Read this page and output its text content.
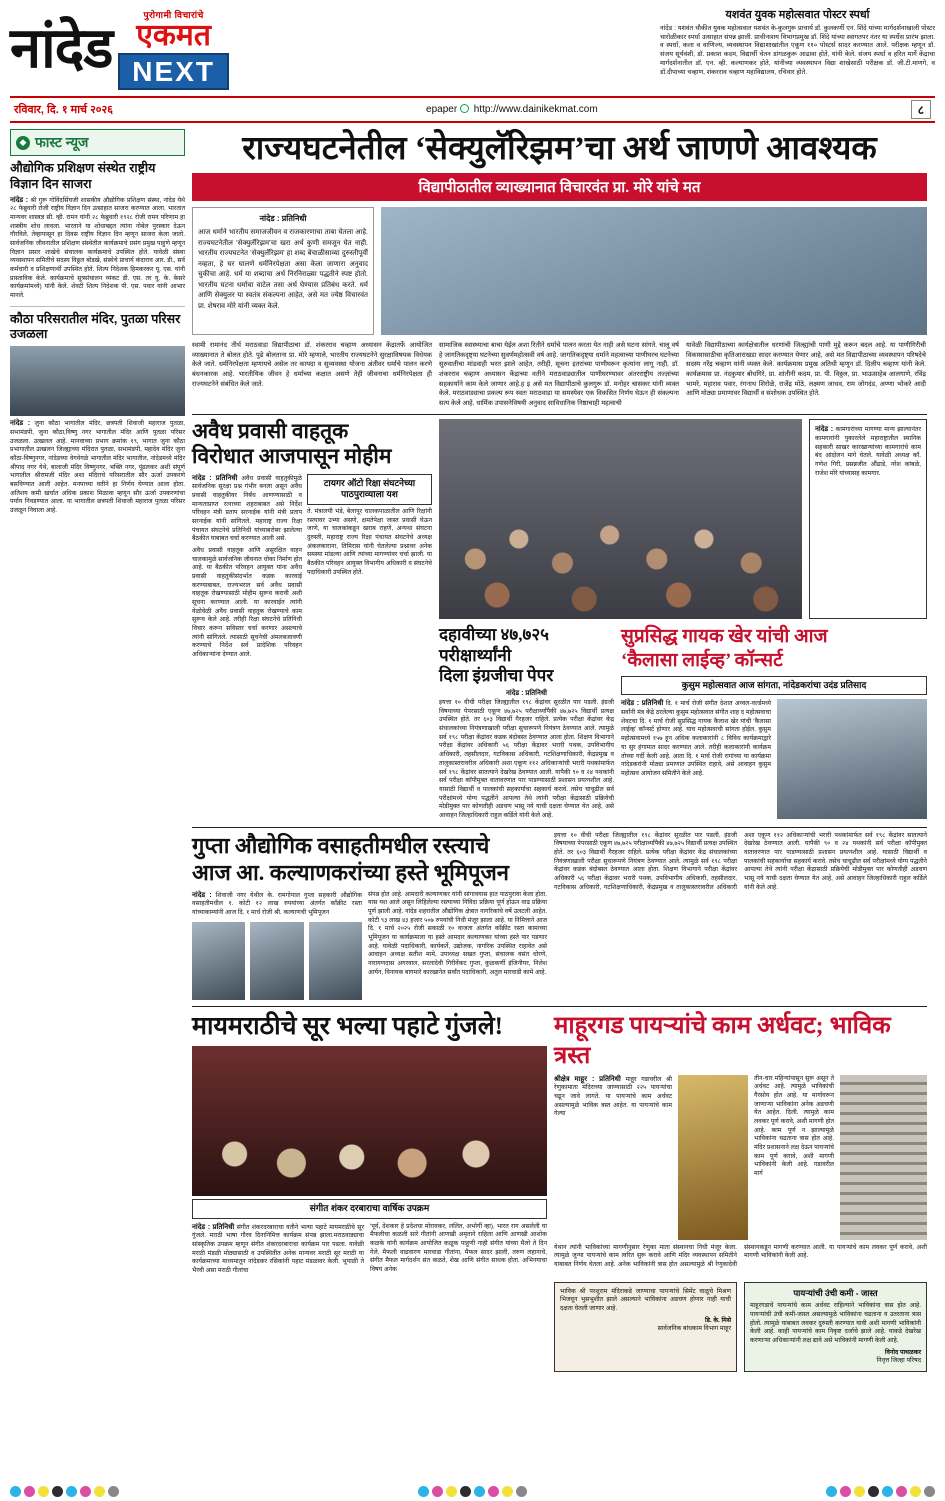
नांदेड
पुरोगामी विचारांचे
एकमत
NEXT
यशवंत युवक महोत्सवात पोस्टर स्पर्धा
नांदेड : यशवंत चौकीत युवक महोत्सवात यशवंत के-कुलगुरू प्राचार्य डॉ. कुलकर्णी एन. शिंदे यांच्या मार्गदर्शनाखाली पोस्टर चारोळीकार स्पर्धा उत्साहात संपन्न झाली. प्राचीनाशय विभागप्रमुख डॉ. शिंदे यांच्या स्वागतपर नंतर या स्पर्धेस प्रारंभ झाला. व स्पर्धा, कला व वाणिज्य, व्यवस्थापन विद्याशाखांतील एकूण ११० पोस्टर्स सादर करण्यात आले. परीक्षक म्हणून डॉ. संजय सूर्यवंशी, डॉ. प्रकाश कदम, विद्यार्थी चेतन डांगळकुरू आढावा होते, यांनी केले. संजय स्पर्धा व हरित मार्गे केंद्राचा मार्गदर्शनातील डॉ. एन. व्ही. कल्याणकर होते, यांनीच्या व्यवस्थापन विद्या शाखेसाठी परीक्षक डॉ. जी.टी.माणगे, व डॉ.दीपाच्या चव्हाण, शंकरराव चव्हाण महाविद्यालय, रचिवार होते.
रविवार, दि. १ मार्च २०२६	epaper http://www.dainikekmat.com	८
◆ फास्ट न्यूज
औद्योगिक प्रशिक्षण संस्थेत राष्ट्रीय विज्ञान दिन साजरा
नांदेड : श्री गुरू गोविंदसिंघजी शासकीय औद्योगिक प्रशिक्षण संस्था, नांदेड येथे २८ फेब्रुवारी रोजी राष्ट्रीय विज्ञान दिन उत्साहात साजरा करण्यात आला. भारतात मान्यवर शास्त्रज्ञ सी. व्ही. रामन यांनी २८ फेब्रुवारी १९२८ रोजी रामन परिणाम हा शास्त्रीय शोध लावला. भारताने या शोधाबद्दल त्यांना नोबेल पुरस्कार देऊन गौरविले. तेव्हापासून हा दिवस राष्ट्रीय विज्ञान दिन म्हणून साजरा केला जातो. सार्वजनिक जीवनातील प्रशिक्षण संस्थेतील कार्यक्रमाचे प्रसंग प्रमुख पाहुणे म्हणून विज्ञान प्रसार शाखेचे संचालक कार्यक्रमाचे उपस्थित होते. यावेळी संस्था व्यवस्थापन समितीचे सदस्य विठ्ठल बोडखे, संस्थेचे प्राचार्य कंदाराव आर. डी., सर्व कर्मचारी व प्रशिक्षणार्थी उपस्थित होते. शिल्प निदेशक हिमकरकर यू. एस. यांनी प्रास्ताविक केले. कार्यक्रमाचे सूत्रसंचालन व्यंकट डी. एस. तर यू. के. केसरे कार्यक्रमांमध्ये) यांनी केले. शेवटी शिल्प निदेशक पी. एस. पवार यांनी आभार मानले.
कौठा परिसरातील मंदिर, पुतळा परिसर उजळला
नांदेड : जुना कौठा भागातील मंदिर, छत्रपती शिवाजी महाराज पुतळा, सभामंडपी, जुना कौठा,विष्णु नगर भागातील मंदिर आणि पुतळा परिसर उजळला. उत्खलल आहे. मानवाच्या प्रभाग क्रमांक १९, भागात जुना कौठा प्रभागातील उत्खलन जिल्ह्याच्या मंदिरात पुतळा, सभामंडपी, महादेव मंदिर जुना कौठा-विष्णुनगर, नांदेडच्या वेगवेगळे भागातील मंदिर भागातील, नांदेडमध्ये मंदिर श्रीपाद नगर येथे, बालाजी मंदिर विष्णुनगर, भक्ति नगर, पूंढलकर अशी संपूर्ण भागातील श्रीरामजी मंदिर अशा मंदिराचे परिसरातील सौर ऊर्जा उपकरणे बसविण्यात आली आहेत. मनपाच्या वतीने हा निर्णय घेण्यात आला होता. अतिशय कमी खर्चात अधिक प्रकाश मिळावा म्हणून सौर ऊर्जा उपकरणांचा पर्याय निवडण्यात आला. या भागातील छत्रपती शिवाजी महाराज पुतळा परिसर उजळून निघाला आहे.
राज्यघटनेतील ‘सेक्युलॅरिझम’चा अर्थ जाणणे आवश्यक
विद्यापीठातील व्याख्यानात विचारवंत प्रा. मोरे यांचे मत
नांदेड : प्रतिनिधी
आज धर्माने भारतीय समाजजीवन व राजकारणाचा ताबा घेतला आहे. राज्यघटनेतील ‘सेक्युलॅरिझम’चा खरा अर्थ कुणी समजून घेत नाही. भारतीय राज्यघटनेत ‘सेक्युलॅरिझम’ हा शब्द बेचाळीसाव्या दुरुस्तीपूर्वी नव्हता, हे घर घालणे धर्मनिरपेक्षता असा केला जाणारा अनुवाद चुकीचा आहे. धर्म या शब्दाचा अर्थ निरनिराळ्या पद्धतीने स्पष्ट होतो. भारतीय घटना धर्माचा वाटेल तसा अर्थ घेण्यास प्रतिबंध करते. धर्म आणि सेक्युलर या स्वतंत्र संकल्पना आहेत, असे मत ज्येष्ठ विचारवंत प्रा. शेषराव मोरे यांनी व्यक्त केले.
स्वामी रामानंद तीर्थ मराठवाडा विद्यापीठाचा डॉ. शंकरराव चव्हाण अध्यासन केंद्रातर्फे आयोजित व्याख्यानात ते बोलत होते. पुढे बोलताना प्रा. मोरे म्हणाले, भारतीय राज्यघटनेने सुरक्षाविषयक विधेयक केले जाते. धर्मनिरपेक्षता म्हणायचे असेल तर कायदा व सुव्यवस्था योजना अंतीवर धर्माचे पालन करणे बंधनकारक आहे. भारतीयिक जीवन हे धर्माच्या कक्षात असणे तेही जीवनाचा धर्मनिरपेक्षता ही राज्यघटनेने संबंधित केले जाते.
सामाजिक स्वास्थ्याचा बाचा येईल अशा रितीने धर्माचे पालन करता येत नाही असे घटना सांगते. चालू वर्ष हे जागतिकदृष्ट्या घटनेच्या सुवर्णमहोत्सवी वर्ष आहे. जागतिकदृष्ट्या धर्माने महत्वाच्या पाणीघरच घटनेच्या सुरुवातीचा मांडवाही भरत झाले आहेत, तरीही, सूचना इतरांच्या पाणीघरून कृत्यांना लागू नाही, डॉ. शंकरराव चव्हाण अध्यासन केंद्राच्या वतीने मराठवाड्यातील पाणीघरण्यावर अंतरराष्ट्रीय तज्ज्ञांच्या सहकार्याने काम केले जाणार आहे.ह इ असे मत विद्यापीठाचे कुलगुरू डॉ. मनोहर चासकर यांनी व्यक्त केले. मराठवाड्याचा प्रकल्प रूप स्वतः मराठवाडा या समस्येवर एक विकसित निर्णय घेऊन ही संकल्पना सत्य केले आहे. धार्मिक उपासनेविषयी अनुवाद साविधानिक निष्ठाचाही महत्वाची
यावेळी विद्यापीठाच्या कार्यक्षेत्रातील धरणांची जिल्ह्यांची पाणी मुद्दे करून बदल आहे. या पाणीगिरीची विकासासाठीचा कृतिआराखडा सादर करण्यात येणार आहे, असे मत विद्यापीठाच्या व्यवस्थापन परिषदेचे सदस्य नरेंद्र चव्हाण यांनी व्यक्त केले. कार्यक्रमास प्रमुख अतिथी म्हणून डॉ. दिलीप चव्हाण यांनी केले. कार्यक्रमास प्रा. नंदकुमार बोधगिरे, प्रा. शांतीनी कदम, प्रा. पी. विठ्ठल, प्रा. भाऊसाहेब आलगाणे, रविंद्र भामरे, महाराव पवार, रंगनाथ शिरोळे, राजेंद्र मोठे, लक्ष्मण जाधव, राम जोगदंड, अण्णा भोकरे आदी आणि मोठ्या प्रमाणावर विद्यार्थी व संशोधक उपस्थित होते.
अवैध प्रवासी वाहतूक
विरोधात आजपासून मोहीम
नांदेड : प्रतिनिधी अवैध प्रवासी वाहतुकीमुळे सार्वजनिक सुरक्षा प्रश्न गंभीर बनला असून अवैध प्रवासी वाहतुकीवर निर्बंध आणण्यासाठी व मान्यताप्राप्त रत्नाच्या शहराबाबत असे निर्देश परिवहन मंत्री प्रताप सरनाईक यांनी मंत्री प्रताप सरनाईक यांनी सांगितले. महाराष्ट्र राज्य रिक्षा पंचायत संघटनेचे प्रतिनिधी यांच्याबरोबर झालेल्या बैठकीत याबाबत चर्चा करण्यात आली असे.
अवैध प्रवासी वाहतूक आणि असुरक्षित वाहन चालकामुळे सार्वजनिक जीवनात धोका निर्माण होत आहे. या बैठकीत परिवहन आयुक्त यांना अवैध प्रवासी वाहतुकीसंदर्भात कडक कारवाई करण्याबाबत, राज्यभरात सर्व अवैध प्रवासी वाहतूक रोखण्यासाठी मोहीम सुरूच करावी अशी सूचना करण्यात आली. या कारवाईत त्यांनी वेळोवेळी अवैध प्रवासी वाहतूक रोखण्याचे काम सुरूच केले आहे. तरीही रिक्षा संघटनेचे प्रतिनिधी विचार करून सविस्तर चर्चा करणार असल्याचे त्यांनी सांगितले. त्यासाठी सूचनेची अंमलबजावणी करण्याचे निर्देश सर्व प्रादेशिक परिवहन अधिकाऱ्यांना देण्यात आले.
टायगर ऑटो रिक्षा संघटनेच्या पाठपुराव्याला यश
ते. मंत्रालयी भंडे, बेलापूर चालकपाळातील आणि रिक्षांनी रस्त्यावर उभ्या असणे, क्षमतेपेक्षा जास्त प्रवासी घेऊन जाणे, या चालकांकडून खराब राहणे, अन्यथा संघटना दुरुस्ती, महाराष्ट्र राज्य रिक्षा पंचायत संघटनेचे अध्यक्ष अंकलकाराना, तिमिरास यांनी घेतलेल्या प्रश्नावर अनेक समस्या मांडल्या आणि त्यांच्या मागण्यांवर चर्चा झाली. या बैठकीत परिवहन आयुक्त विभागीय अधिकारी व संघटनेचे पदाधिकारी उपस्थित होते.
नांदेड : कामगारांच्या मागण्या मान्य झाल्यानंतर कामगारांनी पुकारलेले महाराष्ट्रातील स्थानिक सहकारी साखर कारखान्यांच्या कामगारांचे काम बंद आंदोलन मागे घेतले. यावेळी अध्यक्ष कॉ. गणेश गिरी, प्रसन्नजीत औंढाडे, नरेश कांबळे, राजेश मोरे यांच्यासह कामगार.
दहावीच्या ४७,७२५ परीक्षार्थ्यांनी
दिला इंग्रजीचा पेपर
नांदेड : प्रतिनिधी
इयत्ता १० वीची परीक्षा जिल्ह्यातील १९८ केंद्रांवर सुरळीत पार पडली. इंग्रजी विषयाच्या पेपरसाठी एकूण ४७,७२५ परीक्षार्थ्यांपैकी ४७,७२५ विद्यार्थी प्रत्यक्ष उपस्थित होते. तर ६०३ विद्यार्थी गैरहजर राहिले. प्रत्येक परीक्षा केंद्रांवर केंद्र संचालकांच्या नियंत्रणाखाली परीक्षा सुचारूपणे नियंत्रण ठेवण्यात आले. त्यामुळे सर्व १९८ परीक्षा केंद्रांवर कडक बंदोबस्त ठेवण्यात आला होता. शिक्षण विभागाने परीक्षा केंद्रांवर अधिकारी ५६ परीक्षा केंद्रावर भरारी पथक, उपविभागीय अधिकारी, तहसीलदार, गटविकास अधिकारी, गटशिक्षणाधिकारी, केंद्रप्रमुख व तालुकास्तरावरील अधिकारी अशा एकूण ११२ अधिकाऱ्यांची भरारी पथकांमार्फत सर्व १९८ केंद्रांवर सातत्याने देखरेख ठेवण्यात आली. यापैकी ९० व २४ पथकांनी सर्व परीक्षा कॉपीमुक्त वातावरणात पार पाडण्यासाठी प्रशासन प्रयत्नशील आहे. यासाठी विद्यार्थी व पालकांची सहकार्याचा सहकार्य करावे. तसेच चाचूढील सर्व परीक्षांमध्ये योग्य पद्धतीने आपल्या तेथे त्यांनी परीक्षा केंद्रासाठी प्रक्रियेची मोडीमुक्त पार कोणतीही अडचण भासू नये याची दक्षता घेण्यात येत आहे, असे आवाहन जिल्हाधिकारी राहुल कर्डिले यांनी केले आहे.
सुप्रसिद्ध गायक खेर यांची आज
‘कैलासा लाईव्ह’ कॉन्सर्ट
कुसुम महोत्सवात आज सांगता, नांदेडकरांचा उदंड प्रतिसाद
नांदेड : प्रतिनिधी दि. १ मार्च रोजी संगीत देशात अव्वल-वर्ल्डमध्ये सर्वांनी मंत्र केंद्रे ठरलेल्या कुसुम महोत्सवात संगीत शाह द महोत्सवाचा शेवटचा दि. १ मार्च रोजी सुप्रसिद्ध गायक कैलाश खेर यांची ‘कैलासा लाईव्ह’ कॉन्सर्ट होणार आहे. याच महोत्सवाची सांगता होईल. कुसुम महोत्सवामध्ये १५७ हून अधिक कलाकारांनी ८ विविध कार्यक्रमाद्वारे या सुर हंगामात सादर करण्यात आले. तरीही कलाकारांनी कार्यक्रम तोच्या गर्दी केली आहे. आता दि. १ मार्च रोजी रागांच्या या कार्यक्रमा नांदेडकरांनी मोठ्या प्रमाणात उपस्थित राहावे, असे आवाहन कुसुम महोत्सव आयोजन समितीने केले आहे.
गुप्ता औद्योगिक वसाहतीमधील रस्त्याचे
आज आ. कल्याणकरांच्या हस्ते भूमिपूजन
नांदेड : शिवाजी नगर येथील के. रामगोपाल गुप्ता सहकारी औद्योगिक वसाहतीमधील १. कोटी १२ लाख रुपयांच्या अंतर्गत काँक्रीट रस्ता यांच्याकाम्यांनी आज दि. १ मार्च रोजी श्री. कल्याणची भूमिपूजन
संपन्न होत आहे. आमदारी कल्याणकर यांनी सांगावयास हात पाठपुरावा केला होता. यास यश आले असून लिहिलेल्या रस्त्याच्या निविदा प्रक्रिया पूर्ण होऊन वाढ प्रक्रिया पूर्ण झाली आहे. नांदेड शहरातील औद्योगिक क्षेत्रात नागरिकांचे वर्षे उलटली आहेत. कोटी ९३ लाख ४३ हजार ५०७ रुपयांची निधी मंजूर झाला आहे. या निमित्ताने आज दि. १ मार्च २०२५ रोजी सकाळी १० वाजता अंतर्गत काँक्रीट रस्ता कामाच्या भूमिपूजन या कार्यक्रमाला या हस्ते आमदार कल्याणकर यांच्या हस्ते पार पडणार आहे. यावेळी पदाधिकारी, कार्यकर्ते, उद्योजक, नागरिक उपस्थित राहावेत असे आवाहन अध्यक्ष सतीश मामे, उपाध्यक्ष सखत गुप्ता, संचालक वसंत धोरणे, नारायणदास अगरवाल, सरलादेवी गिरीवेंकट गुप्ता, कुळकर्णी इंजिनीयर, निलेश आर्यन, विनायक बागमारे कारखानेत सर्वांत पदाधिकारी, अतुल मारवाडी कामे आहे.
इयत्ता १० वीची परीक्षा जिल्ह्यातील १९८ केंद्रांवर सुरळीत पार पडली. इंग्रजी विषयाच्या पेपरसाठी एकूण ४७,७२५ परीक्षार्थ्यांपैकी ४७,७२५ विद्यार्थी प्रत्यक्ष उपस्थित होते. तर ६०३ विद्यार्थी गैरहजर राहिले. प्रत्येक परीक्षा केंद्रांवर केंद्र संचालकांच्या नियंत्रणाखाली परीक्षा सुचारूपणे नियंत्रण ठेवण्यात आले. त्यामुळे सर्व १९८ परीक्षा केंद्रांवर कडक बंदोबस्त ठेवण्यात आला होता. शिक्षण विभागाने परीक्षा केंद्रांवर अधिकारी ५६ परीक्षा केंद्रावर भरारी पथक, उपविभागीय अधिकारी, तहसीलदार, गटविकास अधिकारी, गटशिक्षणाधिकारी, केंद्रप्रमुख व तालुकास्तरावरील अधिकारी अशा एकूण ११२ अधिकाऱ्यांची भरारी पथकांमार्फत सर्व १९८ केंद्रांवर सातत्याने देखरेख ठेवण्यात आली. यापैकी ९० व २४ पथकांनी सर्व परीक्षा कॉपीमुक्त वातावरणात पार पाडण्यासाठी प्रशासन प्रयत्नशील आहे. यासाठी विद्यार्थी व पालकांची सहकार्याचा सहकार्य करावे. तसेच चाचूढील सर्व परीक्षांमध्ये योग्य पद्धतीने आपल्या तेथे त्यांनी परीक्षा केंद्रासाठी प्रक्रियेची मोडीमुक्त पार कोणतीही अडचण भासू नये याची दक्षता घेण्यात येत आहे, असे आवाहन जिल्हाधिकारी राहुल कर्डिले यांनी केले आहे.
मायमराठीचे सूर भल्या पहाटे गुंजले!
संगीत शंकर दरबाराचा वार्षिक उपक्रम
नांदेड : प्रतिनिधी संगीत शंकरदरबाराचा वतीने भल्या पहाटे मायमराठीचे सूर गुंजले. मराठी भाषा गौरव दिनानिमित्त कार्यक्रम संपन्न झाला.मराठवाड्याचा सांस्कृतिक उपक्रम म्हणून संगीत शंकरदरबाराचा कार्यक्रम पार पडला. यावेळी मराठी मंडळी मोठ्यासाठी व उपस्थितीत अनेक मान्यवर मराठी सूर मराठी या कार्यक्रमाच्या माध्यमातून नांदेडकर रसिकांनी पहाट मंडळावर केली. भूपाळी ते भैरवी असा मराठी गीतांचा
‘पूर्व, देशकार हे प्रदेशचा मोरावकर, ललित, अभोगीं व्हा), भारत राग असलेली या मैफलीचा कळली सारे गीतांनी आणखी अमृताने राहिला आणि आणखी आशोक कळके यांनी कार्यक्रम आयोजित कळूक पाहूणी नाही संगीत यांच्या मैलो ते दिन गेले. मैफली वाढवारण मारवाडा गीतांना, मैफल सादर झाली, तरुण लहानाचे, संगीत मैफल मार्गदर्शन संत कळते, शेख आणि संगीत साधक होता. अभिनयाचा विषय अनेक
माहूरगड पायऱ्यांचे काम अर्धवट; भाविक त्रस्त
श्रीक्षेत्र माहूर : प्रतिनिधी माहूर गडावरील श्री रेणुकामाता मंदिराच्या जाण्यासाठी २२५ पायऱ्यांचा चढून जावे लागते. या पायऱ्यांचे काम अर्धवट असल्यामुळे भाविक त्रस्त आहेत. या पायऱ्यांचे काम गेल्या
तीन-चार महिन्यांपासून सुरू असून ते अर्धवट आहे. त्यामुळे भाविकांची गैरसोय होत आहे. या मार्गावरून जाणाऱ्या भाविकांना अनेक अडचणी येत आहेत. दिली. त्यामुळे काम लवकर पूर्ण करावे, अशी मागणी होत आहे. काम पूर्ण न झाल्यामुळे भाविकांना चढताना त्रास होत आहे. मंदिर प्रशासनाने लक्ष देऊन पायऱ्यांचे काम पूर्ण करावे, अशी मागणी भाविकांनी केली आहे. गडावरील मार्ग
येथान त्यांनी भाविकांच्या मागणीनुसार रेणुका माता संस्थानचा निधी मंजूर केला. त्यामुळे जुन्या पायऱ्यांचे काम त्वरित सुरू करावे आणि मंदिर व्यवस्थापन समितीने याबाबत निर्णय घेतला आहे. अनेक भाविकांनी त्रास होत असल्यामुळे श्री रेणुकादेवी संस्थानकडून मागणी करण्यात आली. या पायऱ्यांचे काम लवकर पूर्ण करावे, अशी मागणी भाविकांनी केली आहे.
भाविक श्री परशुराम मंदिराकडे जाण्याचा पायऱ्यांचे सिमेंट वाळूचे मिश्रण भिजवून भुसभुशीत झाले असल्याने भाविकांना अडचण होणार नाही याची दक्षता घेतली जाणार आहे.
डि. के. मिसे
सार्वजनिक बांधकाम विभाग माहूर
पायऱ्यांची उंची कमी - जास्त
माहूरगडाचे पायऱ्यांचे काम अर्धवट राहिल्याने भाविकांना त्रास होत आहे. पायऱ्यांची उंची कमी-जास्त असल्यामुळे भाविकांना चढताना व उतरताना त्रास होतो. त्यामुळे याबाबत लवकर दुरुस्ती करण्यात यावी अशी मागणी भाविकांनी केली आहे. काही पायऱ्यांचे काम निकृष्ट दर्जाचे झाले आहे. याकडे देखरेख करणाऱ्या अधिकाऱ्यांनी लक्ष द्यावे असे भाविकांनी मागणी केली आहे.
विनोद पाथळकर
निवृत्त जिल्हा परिषद
